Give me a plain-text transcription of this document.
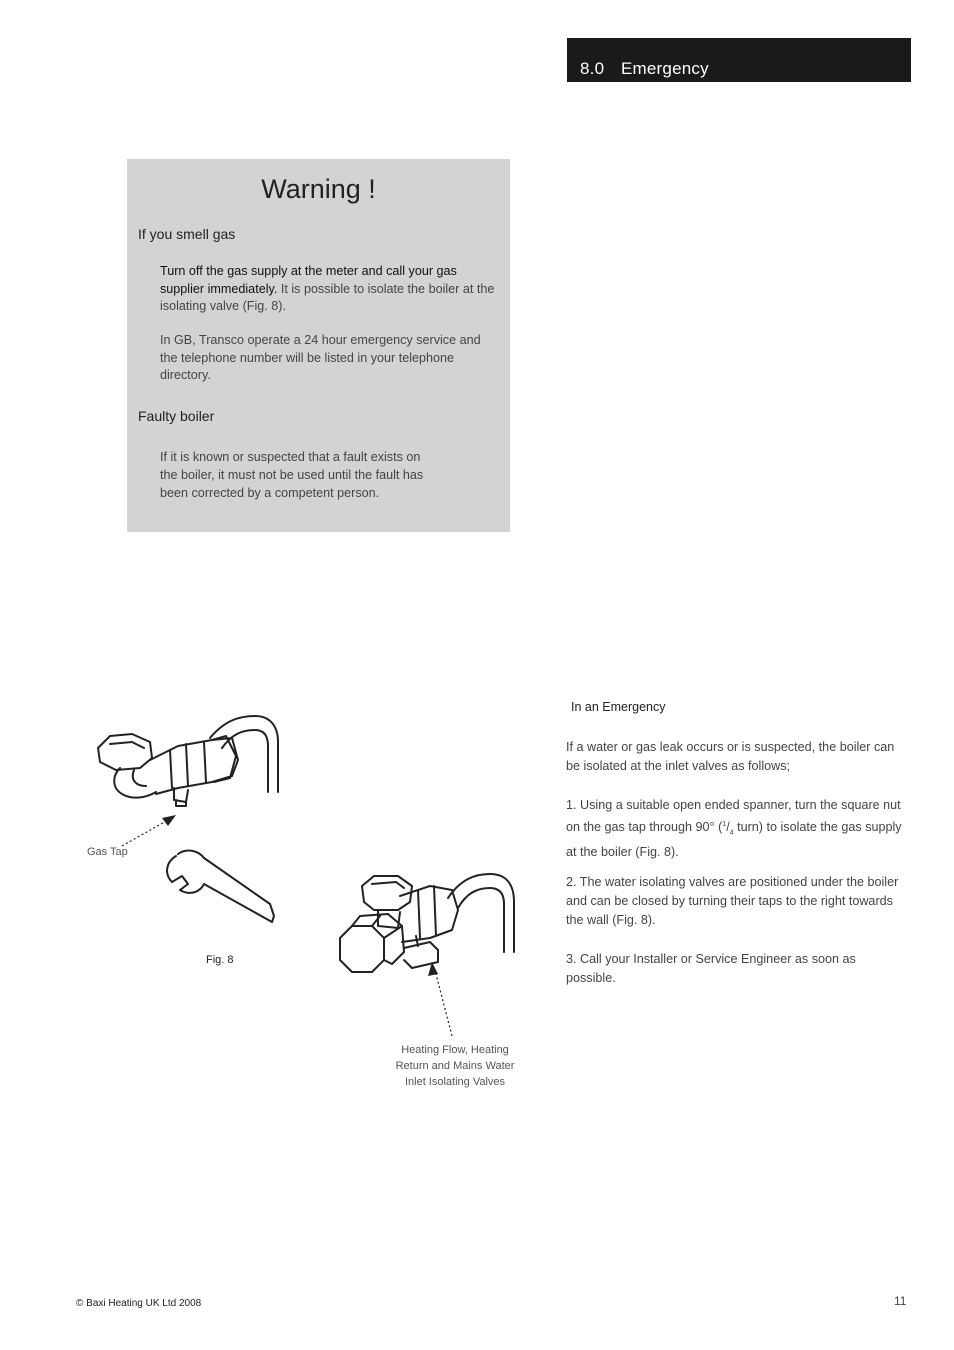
8.0 Emergency
Warning !
If you smell gas
Turn off the gas supply at the meter and call your gas supplier immediately. It is possible to isolate the boiler at the isolating valve (Fig. 8).
In GB, Transco operate a 24 hour emergency service and the telephone number will be listed in your telephone directory.
Faulty boiler
If it is known or suspected that a fault exists on the boiler, it must not be used until the fault has been corrected by a competent person.
In an Emergency
If a water or gas leak occurs or is suspected, the boiler can be isolated at the inlet valves as follows;
1. Using a suitable open ended spanner, turn the square nut on the gas tap through 90° ($^1/_4$ turn) to isolate the gas supply at the boiler (Fig. 8).
2. The water isolating valves are positioned under the boiler and can be closed by turning their taps to the right towards the wall (Fig. 8).
3. Call your Installer or Service Engineer as soon as possible.
Gas Tap
Fig. 8
Heating Flow, Heating
Return and Mains Water
Inlet Isolating Valves
© Baxi Heating UK Ltd 2008	11
